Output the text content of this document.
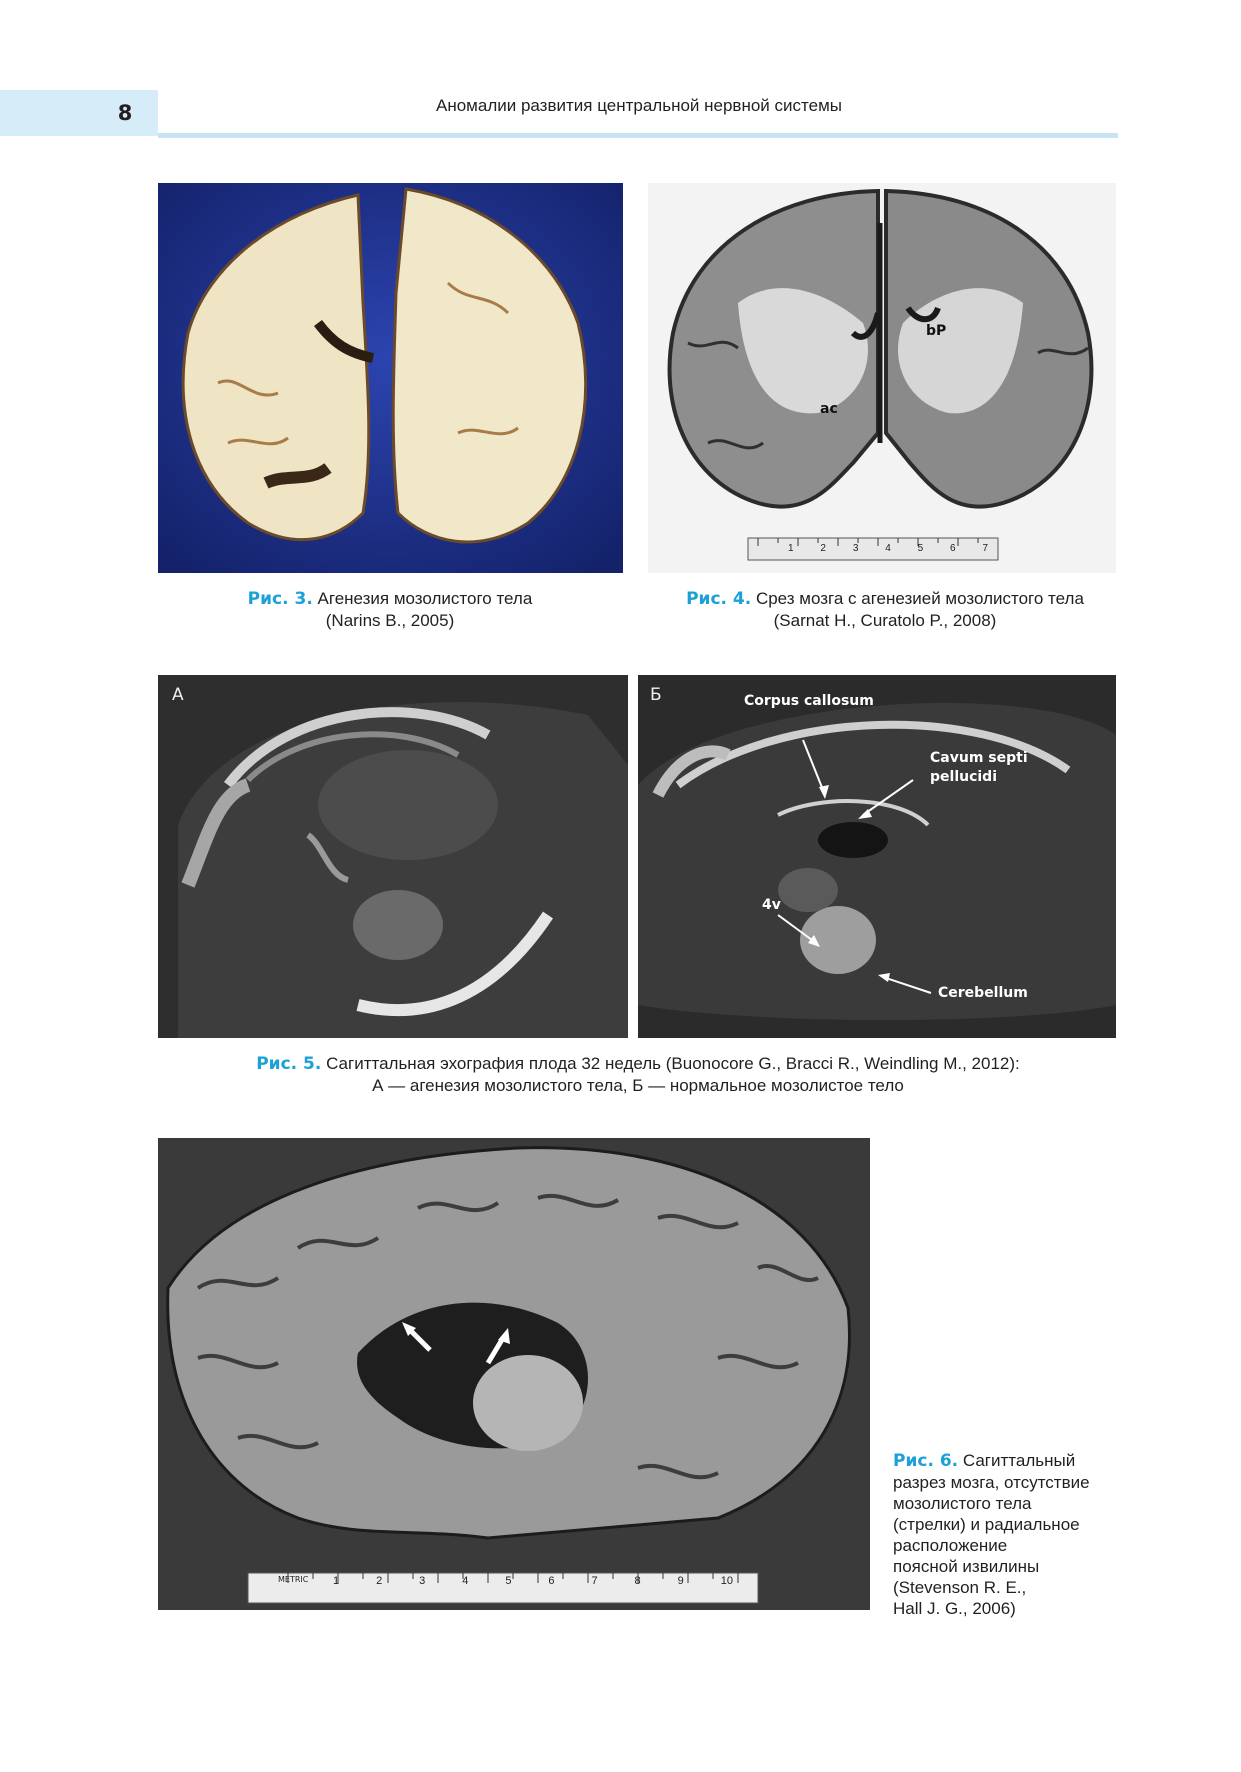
8	Аномалии развития центральной нервной системы
Рис. 3. Агенезия мозолистого тела
(Narins B., 2005)
bP
ac
1	2	3	4	5	6	7
Рис. 4. Срез мозга с агенезией мозолистого тела
(Sarnat H., Curatolo P., 2008)
А	Б	Corpus callosum
Cavum septi
pellucidi
4v
Cerebellum
Рис. 5. Сагиттальная эхография плода 32 недель (Buonocore G., Bracci R., Weindling M., 2012):
А — агенезия мозолистого тела, Б — нормальное мозолистое тело
METRIC 1	2	3	4	5	6	7	8	9	10
Рис. 6. Сагиттальный
разрез мозга, отсутствие
мозолистого тела
(стрелки) и радиальное
расположение
поясной извилины
(Stevenson R. E.,
Hall J. G., 2006)
